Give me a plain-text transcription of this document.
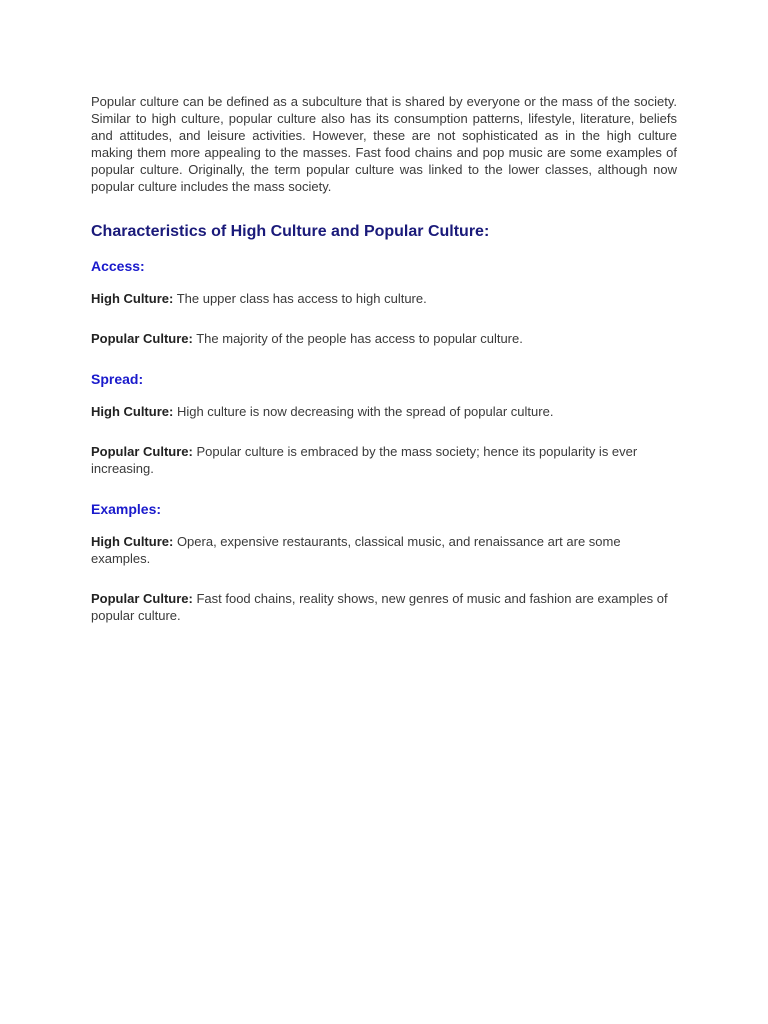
Popular culture can be defined as a subculture that is shared by everyone or the mass of the society. Similar to high culture, popular culture also has its consumption patterns, lifestyle, literature, beliefs and attitudes, and leisure activities. However, these are not sophisticated as in the high culture making them more appealing to the masses. Fast food chains and pop music are some examples of popular culture. Originally, the term popular culture was linked to the lower classes, although now popular culture includes the mass society.

Characteristics of High Culture and Popular Culture:
Access:

High Culture: The upper class has access to high culture.

Popular Culture: The majority of the people has access to popular culture.

Spread:

High Culture: High culture is now decreasing with the spread of popular culture.

Popular Culture: Popular culture is embraced by the mass society; hence its popularity is ever increasing.

Examples:

High Culture: Opera, expensive restaurants, classical music, and renaissance art are some examples.

Popular Culture: Fast food chains, reality shows, new genres of music and fashion are examples of popular culture.
